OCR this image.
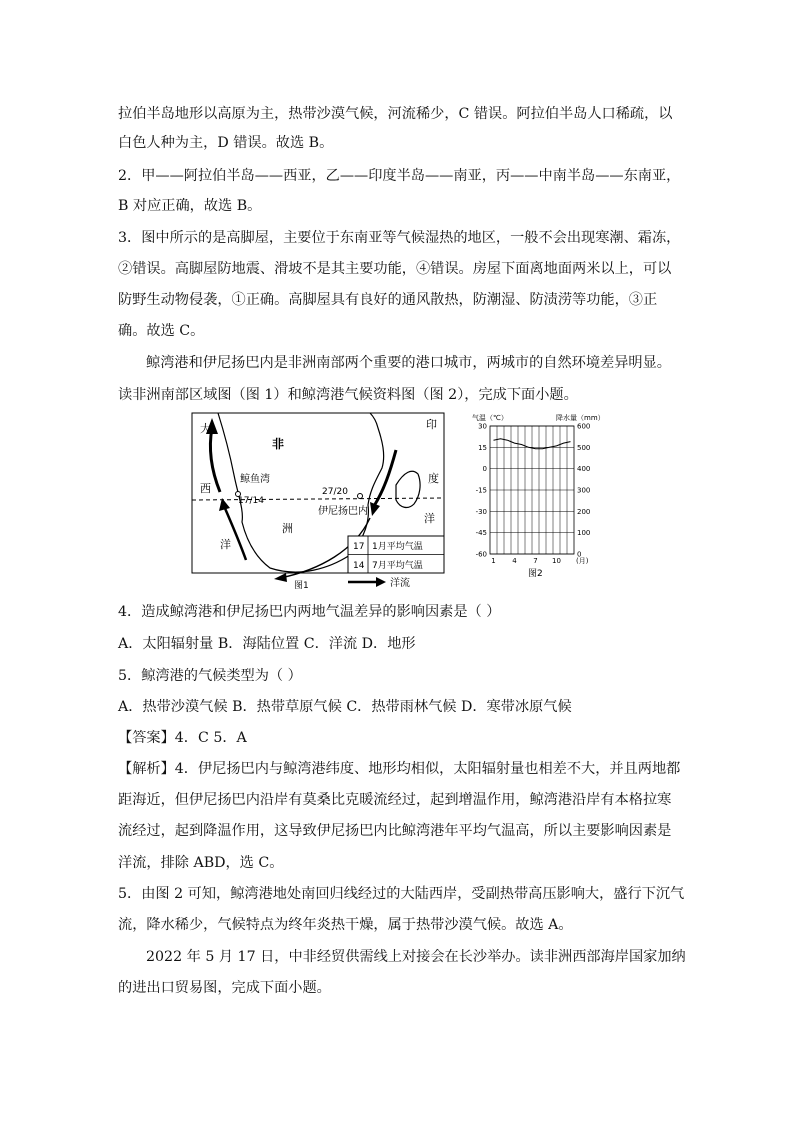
拉伯半岛地形以高原为主，热带沙漠气候，河流稀少，C 错误。阿拉伯半岛人口稀疏，以
白色人种为主，D 错误。故选 B。
2．甲——阿拉伯半岛——西亚，乙——印度半岛——南亚，丙——中南半岛——东南亚，
B 对应正确，故选 B。
3．图中所示的是高脚屋，主要位于东南亚等气候湿热的地区，一般不会出现寒潮、霜冻，
②错误。高脚屋防地震、滑坡不是其主要功能，④错误。房屋下面离地面两米以上，可以
防野生动物侵袭，①正确。高脚屋具有良好的通风散热，防潮湿、防渍涝等功能，③正
确。故选 C。
鲸湾港和伊尼扬巴内是非洲南部两个重要的港口城市，两城市的自然环境差异明显。
读非洲南部区域图（图 1）和鲸湾港气候资料图（图 2），完成下面小题。
大
西
洋
非
洲
印
度
洋
鲸鱼湾
17/14
27/20
伊尼扬巴内
17 1月平均气温
14 7月平均气温
图1	洋流
气温（℃）	降水量（mm）
30
15
0
-15
-30
-45
-60
600
500
400
300
200
100
0
1 4 7 10 (月)
图2
4．造成鲸湾港和伊尼扬巴内两地气温差异的影响因素是（ ）
A．太阳辐射量 B．海陆位置 C．洋流 D．地形
5．鲸湾港的气候类型为（ ）
A．热带沙漠气候 B．热带草原气候 C．热带雨林气候 D．寒带冰原气候
【答案】4．C 5．A
【解析】4．伊尼扬巴内与鲸湾港纬度、地形均相似，太阳辐射量也相差不大，并且两地都
距海近，但伊尼扬巴内沿岸有莫桑比克暖流经过，起到增温作用，鲸湾港沿岸有本格拉寒
流经过，起到降温作用，这导致伊尼扬巴内比鲸湾港年平均气温高，所以主要影响因素是
洋流，排除 ABD，选 C。
5．由图 2 可知，鲸湾港地处南回归线经过的大陆西岸，受副热带高压影响大，盛行下沉气
流，降水稀少，气候特点为终年炎热干燥，属于热带沙漠气候。故选 A。
2022 年 5 月 17 日，中非经贸供需线上对接会在长沙举办。读非洲西部海岸国家加纳
的进出口贸易图，完成下面小题。
